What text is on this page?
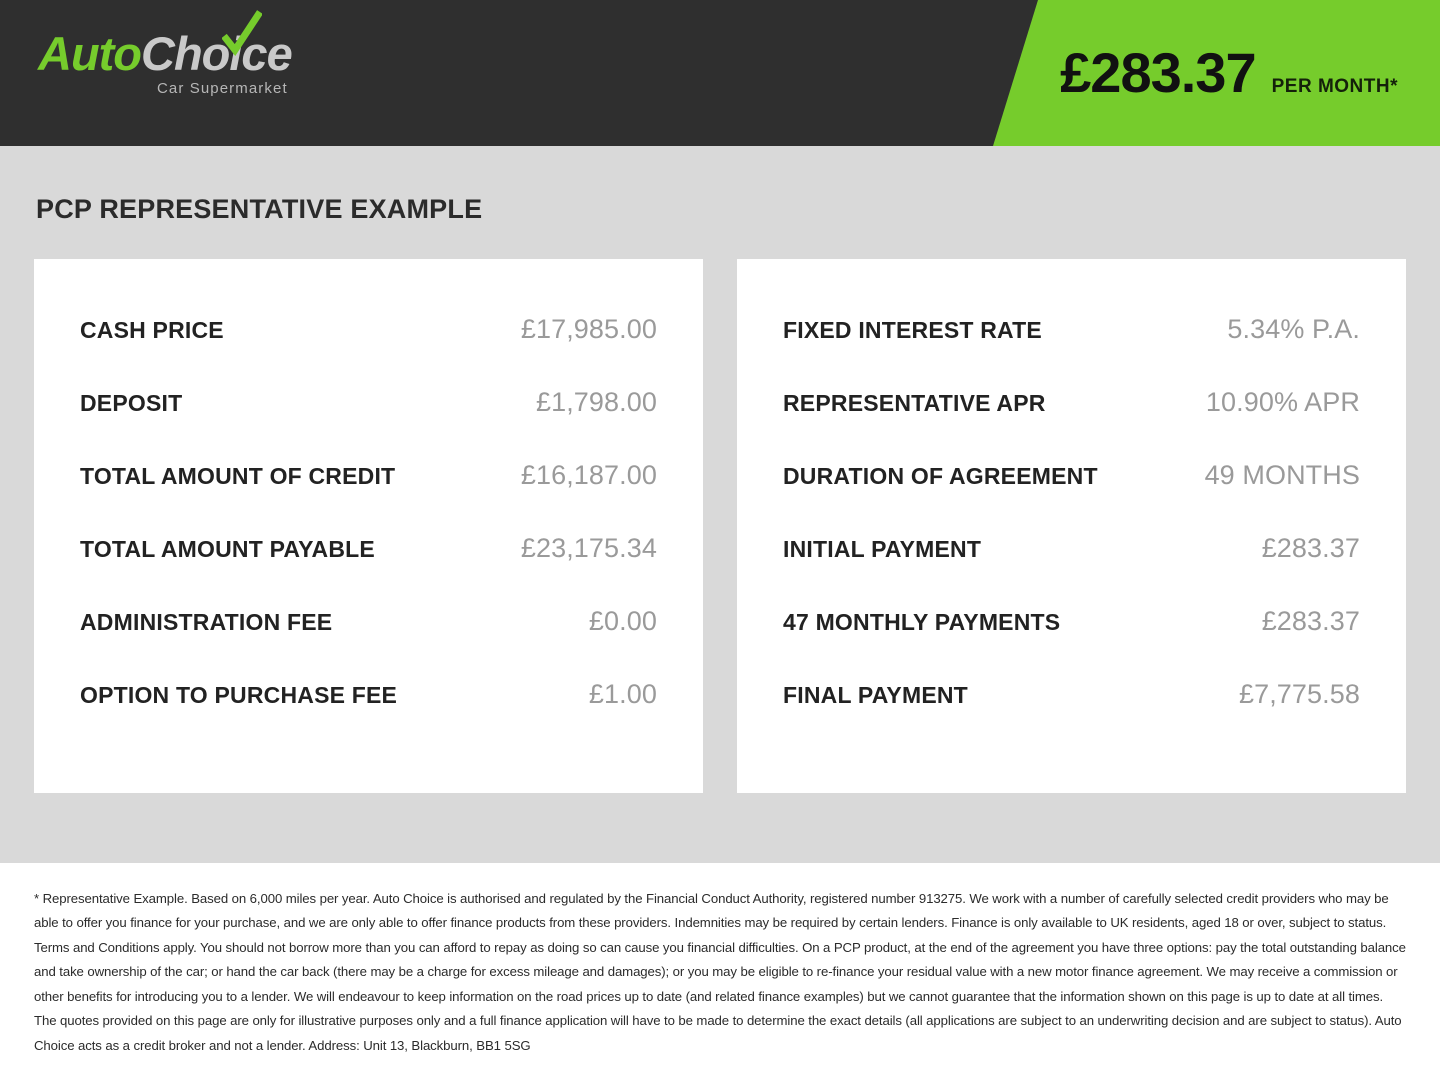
AutoChoice
Car Supermarket	£283.37 PER MONTH*
PCP REPRESENTATIVE EXAMPLE
CASH PRICE	£17,985.00
DEPOSIT	£1,798.00
TOTAL AMOUNT OF CREDIT	£16,187.00
TOTAL AMOUNT PAYABLE	£23,175.34
ADMINISTRATION FEE	£0.00
OPTION TO PURCHASE FEE	£1.00
FIXED INTEREST RATE	5.34% P.A.
REPRESENTATIVE APR	10.90% APR
DURATION OF AGREEMENT	49 MONTHS
INITIAL PAYMENT	£283.37
47 MONTHLY PAYMENTS	£283.37
FINAL PAYMENT	£7,775.58

* Representative Example. Based on 6,000 miles per year. Auto Choice is authorised and regulated by the Financial Conduct Authority, registered number 913275. We work with a number of carefully selected credit providers who may be able to offer you finance for your purchase, and we are only able to offer finance products from these providers. Indemnities may be required by certain lenders. Finance is only available to UK residents, aged 18 or over, subject to status. Terms and Conditions apply. You should not borrow more than you can afford to repay as doing so can cause you financial difficulties. On a PCP product, at the end of the agreement you have three options: pay the total outstanding balance and take ownership of the car; or hand the car back (there may be a charge for excess mileage and damages); or you may be eligible to re-finance your residual value with a new motor finance agreement. We may receive a commission or other benefits for introducing you to a lender. We will endeavour to keep information on the road prices up to date (and related finance examples) but we cannot guarantee that the information shown on this page is up to date at all times. The quotes provided on this page are only for illustrative purposes only and a full finance application will have to be made to determine the exact details (all applications are subject to an underwriting decision and are subject to status). Auto Choice acts as a credit broker and not a lender. Address: Unit 13, Blackburn, BB1 5SG
